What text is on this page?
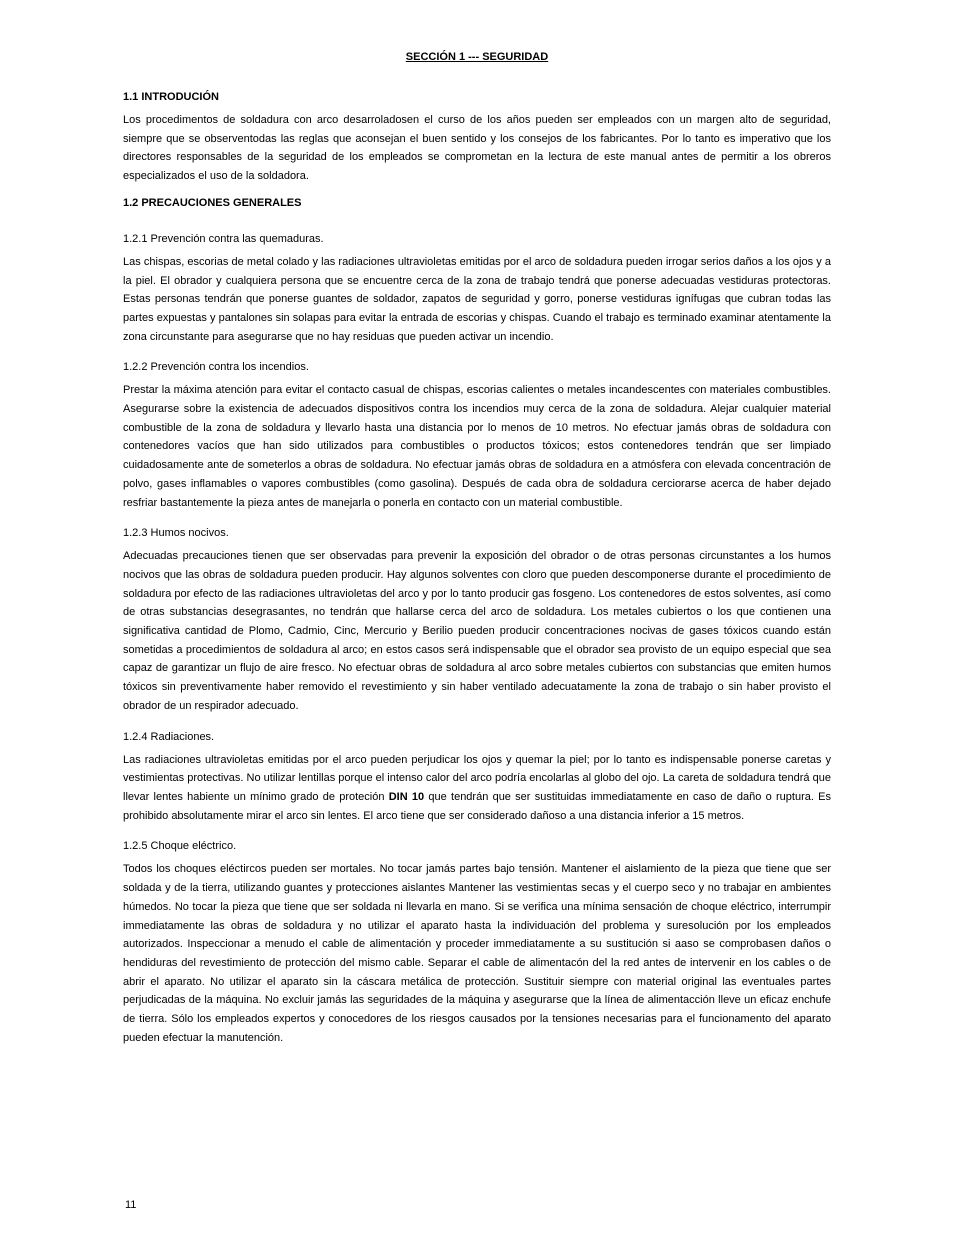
SECCIÓN 1 --- SEGURIDAD
1.1 INTRODUCIÓN

Los procedimentos de soldadura con arco desarroladosen el curso de los años pueden ser empleados con un margen alto de seguridad, siempre que se observentodas las reglas que aconsejan el buen sentido y los consejos de los fabricantes. Por lo tanto es imperativo que los directores responsables de la seguridad de los empleados se comprometan en la lectura de este manual antes de permitir a los obreros especializados el uso de la soldadora.

1.2 PRECAUCIONES GENERALES
1.2.1 Prevención contra las quemaduras.

Las chispas, escorias de metal colado y las radiaciones ultravioletas emitidas por el arco de soldadura pueden irrogar serios daños a los ojos y a la piel. El obrador y cualquiera persona que se encuentre cerca de la zona de trabajo tendrá que ponerse adecuadas vestiduras protectoras. Estas personas tendrán que ponerse guantes de soldador, zapatos de seguridad y gorro, ponerse vestiduras ignífugas que cubran todas las partes expuestas y pantalones sin solapas para evitar la entrada de escorias y chispas. Cuando el trabajo es terminado examinar atentamente la zona circunstante para asegurarse que no hay residuas que pueden activar un incendio.

1.2.2 Prevención contra los incendios.

Prestar la máxima atención para evitar el contacto casual de chispas, escorias calientes o metales incandescentes con materiales combustibles. Asegurarse sobre la existencia de adecuados dispositivos contra los incendios muy cerca de la zona de soldadura. Alejar cualquier material combustible de la zona de soldadura y llevarlo hasta una distancia por lo menos de 10 metros. No efectuar jamás obras de soldadura con contenedores vacíos que han sido utilizados para combustibles o productos tóxicos; estos contenedores tendrán que ser limpiado cuidadosamente ante de someterlos a obras de soldadura. No efectuar jamás obras de soldadura en a atmósfera con elevada concentración de polvo, gases inflamables o vapores combustibles (como gasolina). Después de cada obra de soldadura cerciorarse acerca de haber dejado resfriar bastantemente la pieza antes de manejarla o ponerla en contacto con un material combustible.

1.2.3 Humos nocivos.

Adecuadas precauciones tienen que ser observadas para prevenir la exposición del obrador o de otras personas circunstantes a los humos nocivos que las obras de soldadura pueden producir. Hay algunos solventes con cloro que pueden descomponerse durante el procedimiento de soldadura por efecto de las radiaciones ultravioletas del arco y por lo tanto producir gas fosgeno. Los contenedores de estos solventes, así como de otras substancias desegrasantes, no tendrán que hallarse cerca del arco de soldadura. Los metales cubiertos o los que contienen una significativa cantidad de Plomo, Cadmio, Cinc, Mercurio y Berilio pueden producir concentraciones nocivas de gases tóxicos cuando están sometidas a procedimientos de soldadura al arco; en estos casos será indispensable que el obrador sea provisto de un equipo especial que sea capaz de garantizar un flujo de aire fresco. No efectuar obras de soldadura al arco sobre metales cubiertos con substancias que emiten humos tóxicos sin preventivamente haber removido el revestimiento y sin haber ventilado adecuatamente la zona de trabajo o sin haber provisto el obrador de un respirador adecuado.

1.2.4 Radiaciones.

Las radiaciones ultravioletas emitidas por el arco pueden perjudicar los ojos y quemar la piel; por lo tanto es indispensable ponerse caretas y vestimientas protectivas. No utilizar lentillas porque el intenso calor del arco podría encolarlas al globo del ojo. La careta de soldadura tendrá que llevar lentes habiente un mínimo grado de proteción DIN 10 que tendrán que ser sustituidas immediatamente en caso de daño o ruptura. Es prohibido absolutamente mirar el arco sin lentes. El arco tiene que ser considerado dañoso a una distancia inferior a 15 metros.

1.2.5 Choque eléctrico.

Todos los choques eléctircos pueden ser mortales. No tocar jamás partes bajo tensión. Mantener el aislamiento de la pieza que tiene que ser soldada y de la tierra, utilizando guantes y protecciones aislantes Mantener las vestimientas secas y el cuerpo seco y no trabajar en ambientes húmedos. No tocar la pieza que tiene que ser soldada ni llevarla en mano. Si se verifica una mínima sensación de choque eléctrico, interrumpir immediatamente las obras de soldadura y no utilizar el aparato hasta la individuación del problema y suresolución por los empleados autorizados. Inspeccionar a menudo el cable de alimentación y proceder immediatamente a su sustitución si aaso se comprobasen daños o hendiduras del revestimiento de protección del mismo cable. Separar el cable de alimentacón del la red antes de intervenir en los cables o de abrir el aparato. No utilizar el aparato sin la cáscara metálica de protección. Sustituir siempre con material original las eventuales partes perjudicadas de la máquina. No excluir jamás las seguridades de la máquina y asegurarse que la línea de alimentacción lleve un eficaz enchufe de tierra. Sólo los empleados expertos y conocedores de los riesgos causados por la tensiones necesarias para el funcionamento del aparato pueden efectuar la manutención.

11
